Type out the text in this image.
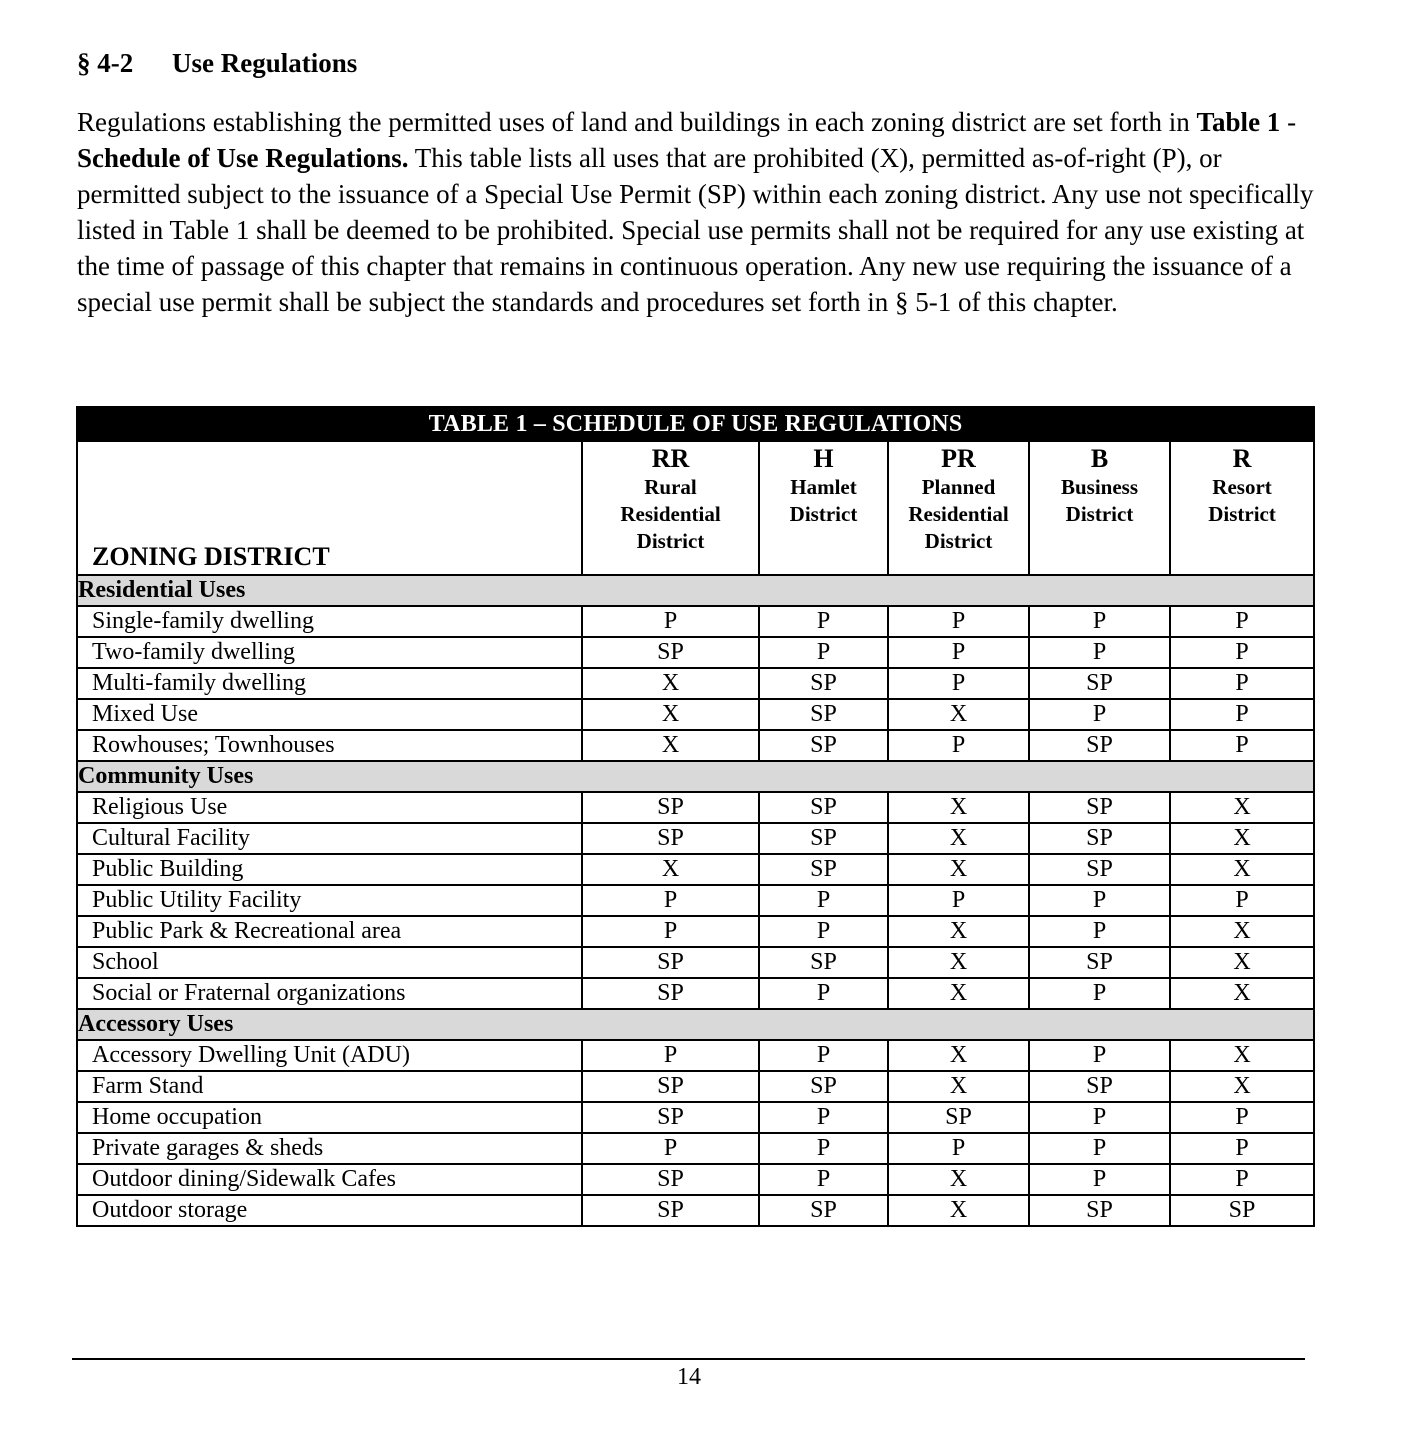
§ 4-2 Use Regulations
Regulations establishing the permitted uses of land and buildings in each zoning district are set forth in Table 1 - Schedule of Use Regulations. This table lists all uses that are prohibited (X), permitted as-of-right (P), or permitted subject to the issuance of a Special Use Permit (SP) within each zoning district. Any use not specifically listed in Table 1 shall be deemed to be prohibited. Special use permits shall not be required for any use existing at the time of passage of this chapter that remains in continuous operation. Any new use requiring the issuance of a special use permit shall be subject the standards and procedures set forth in § 5-1 of this chapter.
TABLE 1 – SCHEDULE OF USE REGULATIONS					
ZONING DISTRICT	RR
Rural
Residential
District	H
Hamlet
District	PR
Planned
Residential
District	B
Business
District	R
Resort
District

Residential Uses					
Single-family dwelling	P	P	P	P	P
Two-family dwelling	SP	P	P	P	P
Multi-family dwelling	X	SP	P	SP	P
Mixed Use	X	SP	X	P	P
Rowhouses; Townhouses	X	SP	P	SP	P
Community Uses					
Religious Use	SP	SP	X	SP	X
Cultural Facility	SP	SP	X	SP	X
Public Building	X	SP	X	SP	X
Public Utility Facility	P	P	P	P	P
Public Park & Recreational area	P	P	X	P	X
School	SP	SP	X	SP	X
Social or Fraternal organizations	SP	P	X	P	X
Accessory Uses					
Accessory Dwelling Unit (ADU)	P	P	X	P	X
Farm Stand	SP	SP	X	SP	X
Home occupation	SP	P	SP	P	P
Private garages & sheds	P	P	P	P	P
Outdoor dining/Sidewalk Cafes	SP	P	X	P	P
Outdoor storage	SP	SP	X	SP	SP
14
